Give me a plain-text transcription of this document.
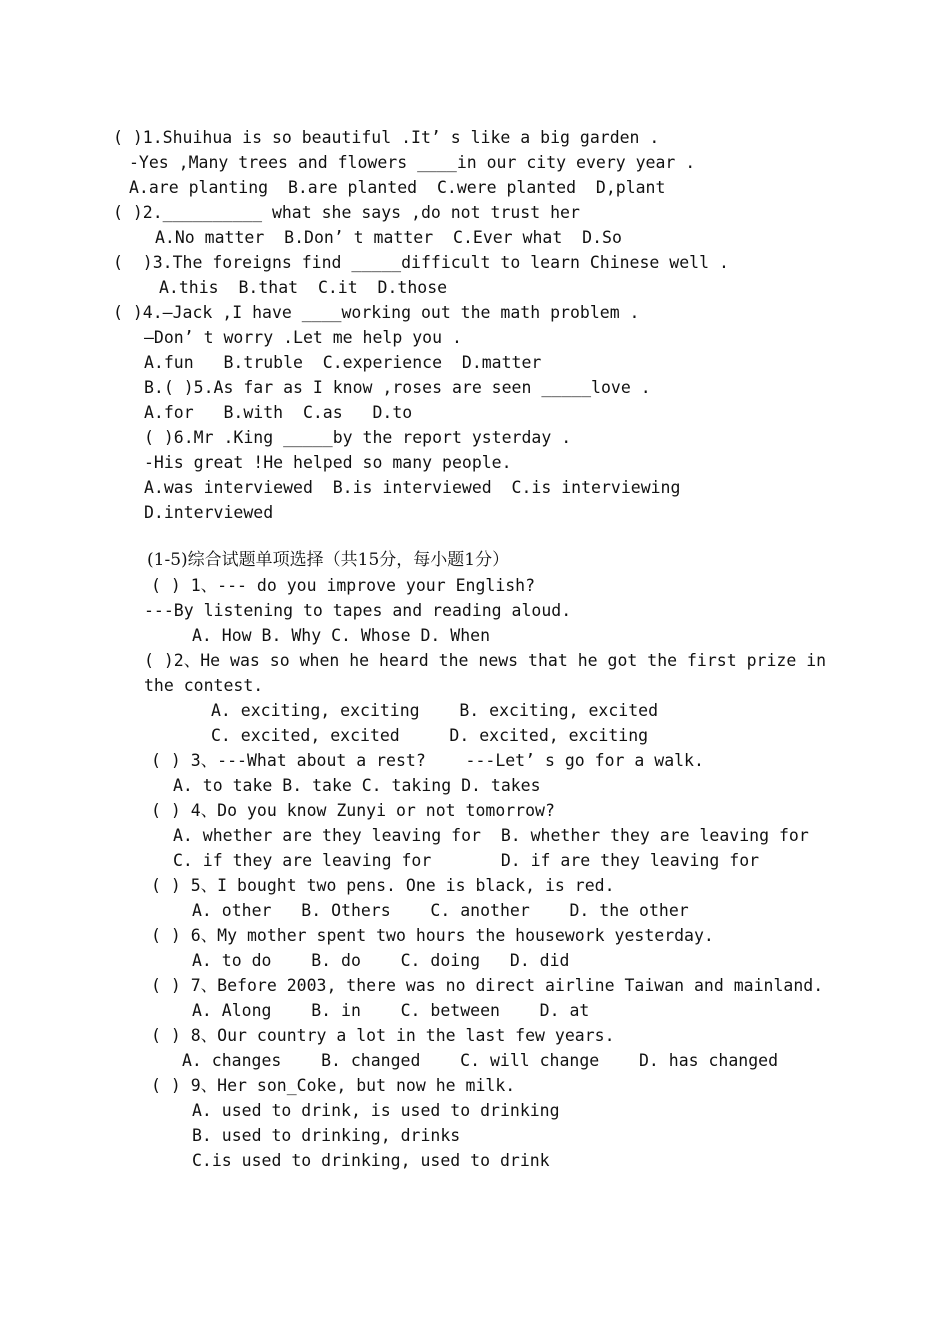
( )1.Shuihua is so beautiful .It’ s like a big garden .
-Yes ,Many trees and flowers ____in our city every year .
A.are planting  B.are planted  C.were planted  D,plant
( )2.__________ what she says ,do not trust her
A.No matter  B.Don’ t matter  C.Ever what  D.So
(  )3.The foreigns find _____difficult to learn Chinese well .
A.this  B.that  C.it  D.those
( )4.—Jack ,I have ____working out the math problem .
—Don’ t worry .Let me help you .
A.fun   B.truble  C.experience  D.matter
B.( )5.As far as I know ,roses are seen _____love .
A.for   B.with  C.as   D.to
( )6.Mr .King _____by the report ysterday .
-His great !He helped so many people.
A.was interviewed  B.is interviewed  C.is interviewing
D.interviewed
(1-5)综合试题单项选择（共15分，每小题1分）
( ) 1、--- do you improve your English?
---By listening to tapes and reading aloud.
A. How B. Why C. Whose D. When
( )2、He was so when he heard the news that he got the first prize in
the contest.
A. exciting, exciting    B. exciting, excited
C. excited, excited     D. excited, exciting
( ) 3、---What about a rest?    ---Let’ s go for a walk.
A. to take B. take C. taking D. takes
( ) 4、Do you know Zunyi or not tomorrow?
A. whether are they leaving for  B. whether they are leaving for
C. if they are leaving for       D. if are they leaving for
( ) 5、I bought two pens. One is black, is red.
A. other   B. Others    C. another    D. the other
( ) 6、My mother spent two hours the housework yesterday.
A. to do    B. do    C. doing   D. did
( ) 7、Before 2003, there was no direct airline Taiwan and mainland.
A. Along    B. in    C. between    D. at
( ) 8、Our country a lot in the last few years.
A. changes    B. changed    C. will change    D. has changed
( ) 9、Her son_Coke, but now he milk.
A. used to drink, is used to drinking
B. used to drinking, drinks
C.is used to drinking, used to drink
